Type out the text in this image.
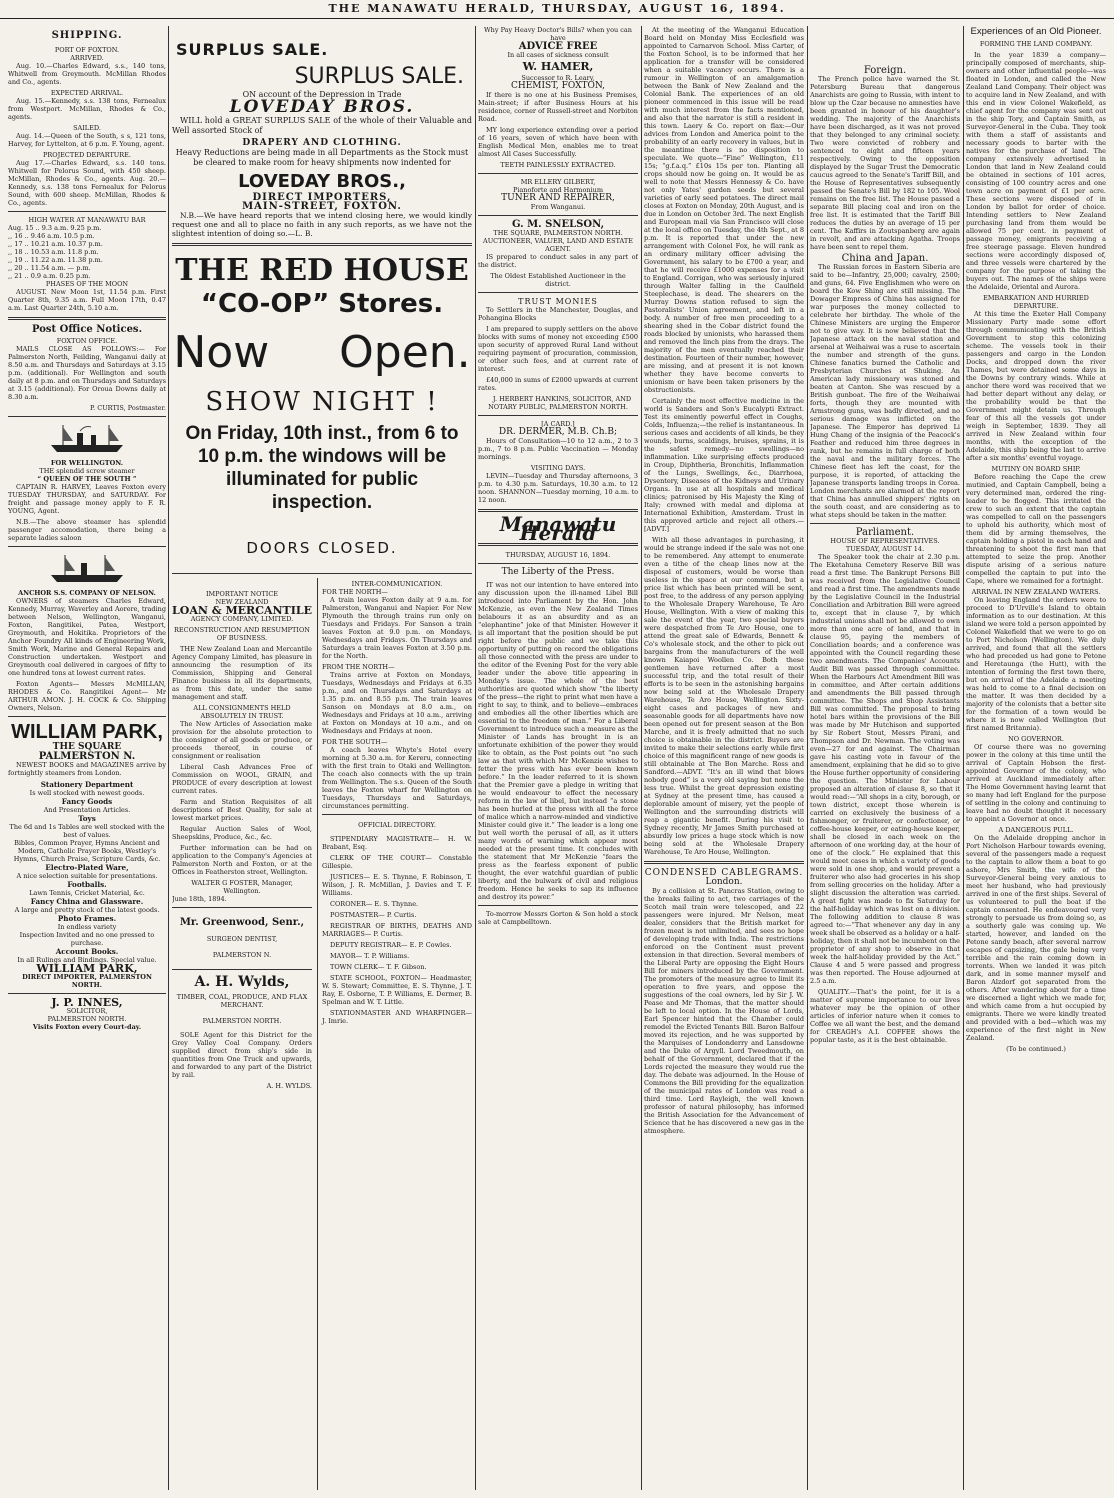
THE MANAWATU HERALD, THURSDAY, AUGUST 16, 1894.
SHIPPING.
PORT OF FOXTON.
ARRIVED.

Aug. 10.—Charles Edward, s.s., 140 tons, Whitwell from Greymouth. McMillan Rhodes and Co., agents.

EXPECTED ARRIVAL.

Aug. 15.—Kennedy, s.s. 138 tons, Fernealux from Westport. McMillan, Rhodes & Co., agents.

SAILED.

Aug. 14.—Queen of the South, s s, 121 tons, Harvey, for Lyttelton, at 6 p.m. F. Young, agent.

PROJECTED DEPARTURE.

Aug 17.—Charles Edward, s.s. 140 tons. Whitwell for Pelorus Sound, with 450 sheep. McMillan, Rhodes & Co., agents. Aug. 20.—Kennedy, s.s. 138 tons Fernealux for Pelorus Sound, with 600 sheep. McMillan, Rhodes & Co., agents.

HIGH WATER AT MANAWATU BAR
Aug. 15 .. 9.3 a.m. 9.25 p.m.
,, 16 .. 9.46 a.m. 10.5 p.m.
,, 17 .. 10.21 a.m. 10.37 p.m.
,, 18 .. 10.53 a.m. 11.8 p.m.
,, 19 .. 11.22 a.m. 11.38 p.m.
,, 20 .. 11.54 a.m. — p.m.
,, 21 .. 0.9 a.m. 0.25 p.m.
PHASES OF THE MOON

AUGUST. New Moon 1st, 11.54 p.m. First Quarter 8th, 9.35 a.m. Full Moon 17th, 0.47 a.m. Last Quarter 24th, 5.10 a.m.

Post Office Notices.
FOXTON OFFICE.

MAILS CLOSE AS FOLLOWS:— For Palmerston North, Feilding, Wanganui daily at 8.50 a.m. and Thursdays and Saturdays at 3.15 p.m. (additional). For Wellington and south daily at 8 p.m. and on Thursdays and Saturdays at 3.15 (additional). For Oroua Downs daily at 8.30 a.m.

P. CURTIS, Postmaster.
FOR WELLINGTON.
THE splendid screw steamer
“ QUEEN OF THE SOUTH ”

CAPTAIN R. HARVEY, Leaves Foxton every TUESDAY THURSDAY, and SATURDAY. For freight and passage money apply to F. R. YOUNG, Agent.

N.B.—The above steamer has splendid passenger accomodation, there being a separate ladies saloon

ANCHOR S.S. COMPANY OF NELSON.

OWNERS of steamers Charles Edward, Kennedy, Murray, Waverley and Aorere, trading between Nelson, Wellington, Wanganui, Foxton, Rangitikei, Patea, Westport, Greymouth, and Hokitika. Proprietors of the Anchor Foundry All kinds of Engineering Work, Smith Work, Marine and General Repairs and Construction undertaken. Westport and Greymouth coal delivered in cargoes of fifty to one hundred tons at lowest current rates.

Foxton Agents— Messrs McMILLAN, RHODES & Co. Rangitikei Agent— Mr ARTHUR AMON. J. H. COCK & Co. Shipping Owners, Nelson.

WILLIAM PARK,
THE SQUARE
PALMERSTON N.

NEWEST BOOKS and MAGAZINES arrive by fortnightly steamers from London.

Stationery Department
Is well stocked with newest goods.
Fancy Goods
And Presentation Articles.
Toys
The 6d and 1s Tables are well stocked with the best of values.
Bibles, Common Prayer, Hymns Ancient and Modern, Catholic Prayer Books, Westley's Hymns, Church Praise, Scripture Cards, &c.
Electro-Plated Ware,
A nice selection suitable for presentations.
Footballs.
Lawn Tennis, Cricket Material, &c.
Fancy China and Glassware.
A large and pretty stock of the latest goods.
Photo Frames.
In endless variety
Inspection Invited and no one pressed to purchase.
Account Books.
In all Rulings and Bindings. Special value.
WILLIAM PARK,
DIRECT IMPORTER, PALMERSTON NORTH.
J. P. INNES,
SOLICITOR,
PALMERSTON NORTH.
Visits Foxton every Court-day.
SURPLUS SALE.
SURPLUS SALE.
ON account of the Depression in Trade
LOVEDAY BROS.

WILL hold a GREAT SURPLUS SALE of the whole of their Valuable and Well assorted Stock of

DRAPERY AND CLOTHING.

Heavy Reductions are being made in all Departments as the Stock must be cleared to make room for heavy shipments now indented for

LOVEDAY BROS.,
DIRECT IMPORTERS,
MAIN-STREET, FOXTON.

N.B.—We have heard reports that we intend closing here, we would kindly request one and all to place no faith in any such reports, as we have not the slightest intention of doing so.—L. B.

THE RED HOUSE
“CO-OP” Stores.
Now Open.
SHOW NIGHT !
On Friday, 10th inst., from 6 to 10 p.m. the windows will be illuminated for public inspection.
DOORS CLOSED.
IMPORTANT NOTICE
NEW ZEALAND
LOAN & MERCANTILE
AGENCY COMPANY, LIMITED.
RECONSTRUCTION AND RESUMPTION OF BUSINESS.

THE New Zealand Loan and Mercantile Agency Company Limited, has pleasure in announcing the resumption of its Commission, Shipping and General Finance business in all its departments, as from this date, under the same management and staff.

ALL CONSIGNMENTS HELD ABSOLUTELY IN TRUST.

The New Articles of Association make provision for the absolute protection to the consignor of all goods or produce, or proceeds thereof, in course of consignment or realisation

Liberal Cash Advances Free of Commission on WOOL, GRAIN, and PRODUCE of every description at lowest current rates.

Farm and Station Requisites of all descriptions of Best Quality, for sale at lowest market prices.

Regular Auction Sales of Wool, Sheepskins, Produce, &c., &c.

Further information can be had on application to the Company's Agencies at Palmerston North and Foxton, or at the Offices in Featherston street, Wellington.

WALTER G FOSTER, Manager, Wellington.
June 18th, 1894.
Mr. Greenwood, Senr.,
SURGEON DENTIST,
PALMERSTON N.
A. H. Wylds,
TIMBER, COAL, PRODUCE, AND FLAX MERCHANT.
PALMERSTON NORTH.

SOLE Agent for this District for the Grey Valley Coal Company. Orders supplied direct from ship's side in quantities from One Truck and upwards, and forwarded to any part of the District by rail.

A. H. WYLDS.
INTER-COMMUNICATION.
FOR THE NORTH—

A train leaves Foxton daily at 9 a.m. for Palmerston, Wanganui and Napier. For New Plymouth the through trains run only on Tuesdays and Fridays. For Sanson a train leaves Foxton at 9.0 p.m. on Mondays, Wednesdays and Fridays. On Thursdays and Saturdays a train leaves Foxton at 3.50 p.m. for the North.

FROM THE NORTH—

Trains arrive at Foxton on Mondays, Tuesdays, Wednesdays and Fridays at 6.35 p.m., and on Thursdays and Saturdays at 1.35 p.m. and 8.55 p.m. The train leaves Sanson on Mondays at 8.0 a.m., on Wednesdays and Fridays at 10 a.m., arriving at Foxton on Mondays at 10 a.m., and on Wednesdays and Fridays at noon.

FOR THE SOUTH—

A coach leaves Whyte's Hotel every morning at 5.30 a.m. for Kereru, connecting with the first train to Otaki and Wellington. The coach also connects with the up train from Wellington. The s.s. Queen of the South leaves the Foxton wharf for Wellington on Tuesdays, Thursdays and Saturdays, circumstances permitting.

OFFICIAL DIRECTORY.

STIPENDIARY MAGISTRATE— H. W. Brabant, Esq.

CLERK OF THE COURT— Constable Gillespie.

JUSTICES— E. S. Thynne, F. Robinson, T. Wilson, J. R. McMillan, J. Davies and T. F. Williams.

CORONER— E. S. Thynne.

POSTMASTER— P. Curtis.

REGISTRAR OF BIRTHS, DEATHS AND MARRIAGES— P. Curtis.

DEPUTY REGISTRAR— E. P. Cowles.

MAYOR— T. P. Williams.

TOWN CLERK— T. F. Gibson.

STATE SCHOOL, FOXTON— Headmaster, W. S. Stewart; Committee, E. S. Thynne, J. T. Ray, E. Osborne, T. P. Williams, E. Dermer, B. Spelman and W. T. Little.

STATIONMASTER AND WHARFINGER— J. Imrie.

Why Pay Heavy Doctor's Bills? when you can have
ADVICE FREE
In all cases of sickness consult
W. HAMER,
Successor to R. Leary,
CHEMIST, FOXTON,

If there is no one at his Business Premises, Main-street; if after Business Hours at his residence, corner of Russell-street and Norbiton Road.

MY long experience extending over a period of 16 years, seven of which have been with English Medical Men, enables me to treat almost All Cases Successfully.

TEETH PAINLESSLY EXTRACTED.
MR ELLERY GILBERT,
Pianoforte and Harmonium
TUNER AND REPAIRER,
From Wanganui.
G. M. SNELSON,
THE SQUARE, PALMERSTON NORTH.
AUCTIONEER, VALUER, LAND AND ESTATE AGENT.

IS prepared to conduct sales in any part of the district.

The Oldest Established Auctioneer in the district.
TRUST MONIES

To Settlers in the Manchester, Douglas, and Pohangina Blocks

I am prepared to supply settlers on the above blocks with sums of money not exceeding £500 upon security of approved Rural Land without requiring payment of procuration, commission, or other such fees, and at current rate of interest.

£40,000 in sums of £2000 upwards at current rates.

J. HERBERT HANKINS, SOLICITOR, AND NOTARY PUBLIC, PALMERSTON NORTH.

[A CARD.]
DR. DERMER, M.B. Ch.B;

Hours of Consultation—10 to 12 a.m., 2 to 3 p.m., 7 to 8 p.m. Public Vaccination — Monday mornings.

VISITING DAYS.

LEVIN—Tuesday and Thursday afternoons, 3 p.m. to 4.30 p.m. Saturdays, 10.30 a.m. to 12 noon. SHANNON—Tuesday morning, 10 a.m. to 12 noon.

Manawatu Herald
THURSDAY, AUGUST 16, 1894.
The Liberty of the Press.

IT was not our intention to have entered into any discussion upon the ill-named Libel Bill introduced into Parliament by the Hon. John McKenzie, as even the New Zealand Times belabours it as an absurdity and as an “elephantine” joke of that Minister. However it is all important that the position should be put right before the public and we take this opportunity of putting on record the obligations all those connected with the press are under to the editor of the Evening Post for the very able leader under the above title appearing in Monday's issue. The whole of the best authorities are quoted which show “the liberty of the press—the right to print what men have a right to say, to think, and to believe—embraces and embodies all the other liberties which are essential to the freedom of man.” For a Liberal Government to introduce such a measure as the Minister of Lands has brought in is an unfortunate exhibition of the power they would like to obtain, as the Post points out “no such law as that with which Mr McKenzie wishes to fetter the press with has ever been known before.” In the leader referred to it is shown that the Premier gave a pledge in writing that he would endeavour to effect the necessary reform in the law of libel, but instead “a stone has been hurled at the press with all the force of malice which a narrow-minded and vindictive Minister could give it.” The leader is a long one but well worth the perusal of all, as it utters many words of warning which appear most needed at the present time. It concludes with the statement that Mr McKenzie “fears the press as the fearless exponent of public thought, the ever watchful guardian of public liberty, and the bulwark of civil and religious freedom. Hence he seeks to sap its influence and destroy its power.”

To-morrow Messrs Gorton & Son hold a stock sale at Campbelltown.

At the meeting of the Wanganui Education Board held on Monday Miss Ecclesfield was appointed to Carnarvon School. Miss Carter, of the Foxton School, is to be informed that her application for a transfer will be considered when a suitable vacancy occurs. There is a rumour in Wellington of an amalgamation between the Bank of New Zealand and the Colonial Bank. The experiences of an old pioneer commenced in this issue will be read with much interest from the facts mentioned, and also that the narrator is still a resident in this town. Laery & Co. report on flax:—Our advices from London and America point to the probability of an early recovery in values, but in the meantime there is no disposition to speculate. We quote—“Fine” Wellington, £11 15s; “g.f.a.q.” £10s 15s per ton. Planting all crops should now be going on. It would be as well to note that Messrs Hennessy & Co. have not only Yates' garden seeds but several varieties of early seed potatoes. The direct mail closes at Foxton on Monday, 20th August, and is due in London on October 3rd. The next English and European mail via San Francisco will close at the local office on Tuesday, the 4th Sept., at 8 p.m. It is reported that under the new arrangement with Colonel Fox, he will rank as an ordinary military officer advising the Government, his salary to be £700 a year, and that he will receive £1000 expenses for a visit to England. Corrigan, who was seriously injured through Walter falling in the Caulfield Steeplechase, is dead. The shearers on the Murray Downs station refused to sign the Pastoralists' Union agreement, and left in a body. A number of free men proceeding to a shearing shed in the Cobar district found the roads blocked by unionists, who harassed them and removed the linch pins from the drays. The majority of the men eventually reached their destination. Fourteen of their number, however, are missing, and at present it is not known whether they have become converts to unionism or have been taken prisoners by the obstructionists.

Certainly the most effective medicine in the world is Sanders and Son's Eucalypti Extract. Test its eminently powerful effect in Coughs, Colds, Influenza;—the relief is instantaneous. In serious cases and accidents of all kinds, be they wounds, burns, scaldings, bruises, sprains, it is the safest remedy—no swellings—no inflammation. Like surprising effects produced in Croup, Diphtheria, Bronchitis, Inflammation of the Lungs, Swellings, &c., Diarrhoea, Dysentery, Diseases of the Kidneys and Urinary Organs. In use at all hospitals and medical clinics; patronised by His Majesty the King of Italy; crowned with medal and diploma at International Exhibition, Amsterdam. Trust in this approved article and reject all others.—[ADVT.]

With all these advantages in purchasing, it would be strange indeed if the sale was not one to be remembered. Any attempt to enumerate even a tithe of the cheap lines now at the disposal of customers, would be worse than useless in the space at our command, but a price list which has been printed will be sent, post free, to the address of any person applying to the Wholesale Drapery Warehouse, Te Aro House, Wellington. With a view of making this sale the event of the year, two special buyers were despatched from Te Aro House, one to attend the great sale of Edwards, Bennett & Co's wholesale stock, and the other to pick out bargains from the manufacturers of the well known Kaiapoi Woollen Co. Both these gentlemen have returned after a most successful trip, and the total result of their efforts is to be seen in the astonishing bargains now being sold at the Wholesale Drapery Warehouse, Te Aro House, Wellington. Sixty-eight cases and packages of new and seasonable goods for all departments have now been opened out for present season at the Bon Marche, and it is freely admitted that no such choice is obtainable in the district. Buyers are invited to make their selections early while first choice of this magnificent range of new goods is still obtainable at The Bon Marche. Ross and Sandford.—ADVT. “It's an ill wind that blows nobody good” is a very old saying but none the less true. Whilst the great depression existing at Sydney at the present time, has caused a deplorable amount of misery, yet the people of Wellington and the surrounding districts will reap a gigantic benefit. During his visit to Sydney recently, Mr James Smith purchased at absurdly low prices a huge stock which is now being sold at the Wholesale Drapery Warehouse, Te Aro House, Wellington.

CONDENSED CABLEGRAMS.
London.

By a collision at St. Pancras Station, owing to the breaks failing to act, two carriages of the Scotch mail train were telescoped, and 22 passengers were injured. Mr Nelson, meat dealer, considers that the British market for frozen meat is not unlimited, and sees no hope of developing trade with India. The restrictions enforced on the Continent must prevent extension in that direction. Several members of the Liberal Party are opposing the Eight Hours Bill for miners introduced by the Government. The promoters of the measure agree to limit its operation to five years, and oppose the suggestions of the coal owners, led by Sir J. W. Pease and Mr Thomas, that the matter should be left to local option. In the House of Lords, Earl Spencer hinted that the Chamber could remodel the Evicted Tenants Bill. Baron Balfour moved its rejection, and he was supported by the Marquises of Londonderry and Lansdowne and the Duke of Argyll. Lord Tweedmouth, on behalf of the Government, declared that if the Lords rejected the measure they would rue the day. The debate was adjourned. In the House of Commons the Bill providing for the equalization of the municipal rates of London was read a third time. Lord Rayleigh, the well known professor of natural philosophy, has informed the British Association for the Advancement of Science that he has discovered a new gas in the atmosphere.

Foreign.

The French police have warned the St. Petersburg Bureau that dangerous Anarchists are going to Russia, with intent to blow up the Czar because no amnesties have been granted in honour of his daughter's wedding. The majority of the Anarchists have been discharged, as it was not proved that they belonged to any criminal society. Two were convicted of robbery and sentenced to eight and fifteen years respectively. Owing to the opposition displayed by the Sugar Trust the Democratic caucus agreed to the Senate's Tariff Bill, and the House of Representatives subsequently passed the Senate's Bill by 182 to 105. Wool remains on the free list. The House passed a separate Bill placing coal and iron on the free list. It is estimated that the Tariff Bill reduces the duties by an average of 15 per cent. The Kaffirs in Zoutspanberg are again in revolt, and are attacking Agatha. Troops have been sent to repel them.

China and Japan.

The Russian forces in Eastern Siberia are said to be—Infantry, 25,000; cavalry, 2500; and guns, 64. Five Englishmen who were on board the Kow Shing are still missing. The Dowager Empress of China has assigned for war purposes the money collected to celebrate her birthday. The whole of the Chinese Ministers are urging the Emperor not to give way. It is now believed that the Japanese attack on the naval station and arsenal at Weihaiwai was a ruse to ascertain the number and strength of the guns. Chinese fanatics burned the Catholic and Presbyterian Churches at Shuking. An American lady missionary was stoned and beaten at Canton. She was rescued by a British gunboat. The fire of the Weihaiwai forts, though they are mounted with Armstrong guns, was badly directed, and no serious damage was inflicted on the Japanese. The Emperor has deprived Li Hung Chang of the insignia of the Peacock's Feather and reduced him three degrees in rank, but he remains in full charge of both the naval and the military forces. The Chinese fleet has left the coast, for the purpose, it is reported, of attacking the Japanese transports landing troops in Corea. London merchants are alarmed at the report that China has annulled shippers' rights on the south coast, and are considering as to what steps should be taken in the matter.

Parliament.
HOUSE OF REPRESENTATIVES.
TUESDAY, AUGUST 14.

The Speaker took the chair at 2.30 p.m. The Eketahuna Cemetery Reserve Bill was read a first time. The Bankrupt Persons Bill was received from the Legislative Council and read a first time. The amendments made by the Legislative Council in the Industrial Conciliation and Arbitration Bill were agreed to, except that in clause 7, by which industrial unions shall not be allowed to own more than one acre of land, and that in clause 95, paying the members of Conciliation boards; and a conference was appointed with the Council regarding these two amendments. The Companies' Accounts Audit Bill was passed through committee. When the Harbours Act Amendment Bill was in committee, and After certain additions and amendments the Bill passed through committee. The Shops and Shop Assistants Bill was committed. The proposal to bring hotel bars within the provisions of the Bill was made by Mr Hutchison and supported by Sir Robert Stout, Messrs Pirani, and Thompson and Dr. Newman. The voting was even—27 for and against. The Chairman gave his casting vote in favour of the amendment, explaining that he did so to give the House further opportunity of considering the question. The Minister for Labour proposed an alteration of clause 8, so that it would read:—“All shops in a city, borough, or town district, except those wherein is carried on exclusively the business of a fishmonger, or fruiterer, or confectioner, or coffee-house keeper, or eating-house keeper, shall be closed in each week on the afternoon of one working day, at the hour of one of the clock.” He explained that this would meet cases in which a variety of goods were sold in one shop, and would prevent a fruiterer who also had groceries in his shop from selling groceries on the holiday. After a slight discussion the alteration was carried. A great fight was made to fix Saturday for the half-holiday which was lost on a division. The following addition to clause 8 was agreed to:—“That whenever any day in any week shall be observed as a holiday or a half-holiday, then it shall not be incumbent on the proprietor of any shop to observe in that week the half-holiday provided by the Act.” Clause 4 and 5 were passed and progress was then reported. The House adjourned at 2.5 a.m.

QUALITY.—That's the point, for it is a matter of supreme importance to our lives whatever may be the opinion of other articles of inferior nature when it comes to Coffee we all want the best, and the demand for CREAGH's A.I. COFFEE shows the popular taste, as it is the best obtainable.

Experiences of an Old Pioneer.
FORMING THE LAND COMPANY.

In the year 1839 a company—principally composed of merchants, ship-owners and other influential people—was floated in London, and called the New Zealand Land Company. Their object was to acquire land in New Zealand, and with this end in view Colonel Wakefield, as chief agent for the company was sent out in the ship Tory, and Captain Smith, as Surveyor-General in the Cuba. They took with them a staff of assistants and necessary goods to barter with the natives for the purchase of land. The company extensively advertised in London that land in New Zealand could be obtained in sections of 101 acres, consisting of 100 country acres and one town acre on payment of £1 per acre. These sections were disposed of in London by ballot for order of choice. Intending settlers to New Zealand purchasing land from them would be allowed 75 per cent. in payment of passage money, emigrants receiving a free steerage passage. Eleven hundred sections were accordingly disposed of, and three vessels were chartered by the company for the purpose of taking the buyers out. The names of the ships were the Adelaide, Oriental and Aurora.

EMBARKATION AND HURRIED DEPARTURE.

At this time the Exeter Hall Company Missionary Party made some effort through communicating with the British Government to stop this colonizing scheme. The vessels took in their passengers and cargo in the London Docks, and dropped down the river Thames, but were detained some days in the Downs by contrary winds. While at anchor there word was received that we had better depart without any delay, or the probability would be that the Government might detain us. Through fear of this all the vessels got under weigh in September, 1839. They all arrived in New Zealand within four months, with the exception of the Adelaide, this ship being the last to arrive after a six months' eventful voyage.

MUTINY ON BOARD SHIP.

Before reaching the Cape the crew mutinied, and Captain Campbell, being a very determined man, ordered the ring-leader to be flogged. This irritated the crew to such an extent that the captain was compelled to call on the passengers to uphold his authority, which most of them did by arming themselves, the captain holding a pistol in each hand and threatening to shoot the first man that attempted to seize the prop. Another dispute arising of a serious nature compelled the captain to put into the Cape, where we remained for a fortnight.

ARRIVAL IN NEW ZEALAND WATERS.

On leaving England the orders were to proceed to D'Urville's Island to obtain information as to our destination. At this island we were told a person appointed by Colonel Wakefield that we were to go on to Port Nicholson (Wellington). We duly arrived, and found that all the settlers who had preceded us had gone to Petone and Heretaunga (the Hutt), with the intention of forming the first town there, but on arrival of the Adelaide a meeting was held to come to a final decision on the matter. It was then decided by a majority of the colonists that a better site for the formation of a town would be where it is now called Wellington (but first named Britannia).

NO GOVERNOR.

Of course there was no governing power in the colony at this time until the arrival of Captain Hobson the first-appointed Governor of the colony, who arrived at Auckland immediately after. The Home Government having learnt that so many had left England for the purpose of settling in the colony and continuing to leave had no doubt thought it necessary to appoint a Governor at once.

A DANGEROUS PULL.

On the Adelaide dropping anchor in Port Nicholson Harbour towards evening, several of the passengers made a request to the captain to allow them a boat to go ashore, Mrs Smith, the wife of the Surveyor-General being very anxious to meet her husband, who had previously arrived in one of the first ships. Several of us volunteered to pull the boat if the captain consented. He endeavoured very strongly to persuade us from doing so, as a southerly gale was coming up. We started, however, and landed on the Petone sandy beach, after several narrow escapes of capsizing, the gale being very terrible and the rain coming down in torrents. When we landed it was pitch dark, and in some manner myself and Baron Alzdorf got separated from the others. After wandering about for a time we discerned a light which we made for, and which came from a hut occupied by emigrants. There we were kindly treated and provided with a bed—which was my experience of the first night in New Zealand.

(To be continued.)
